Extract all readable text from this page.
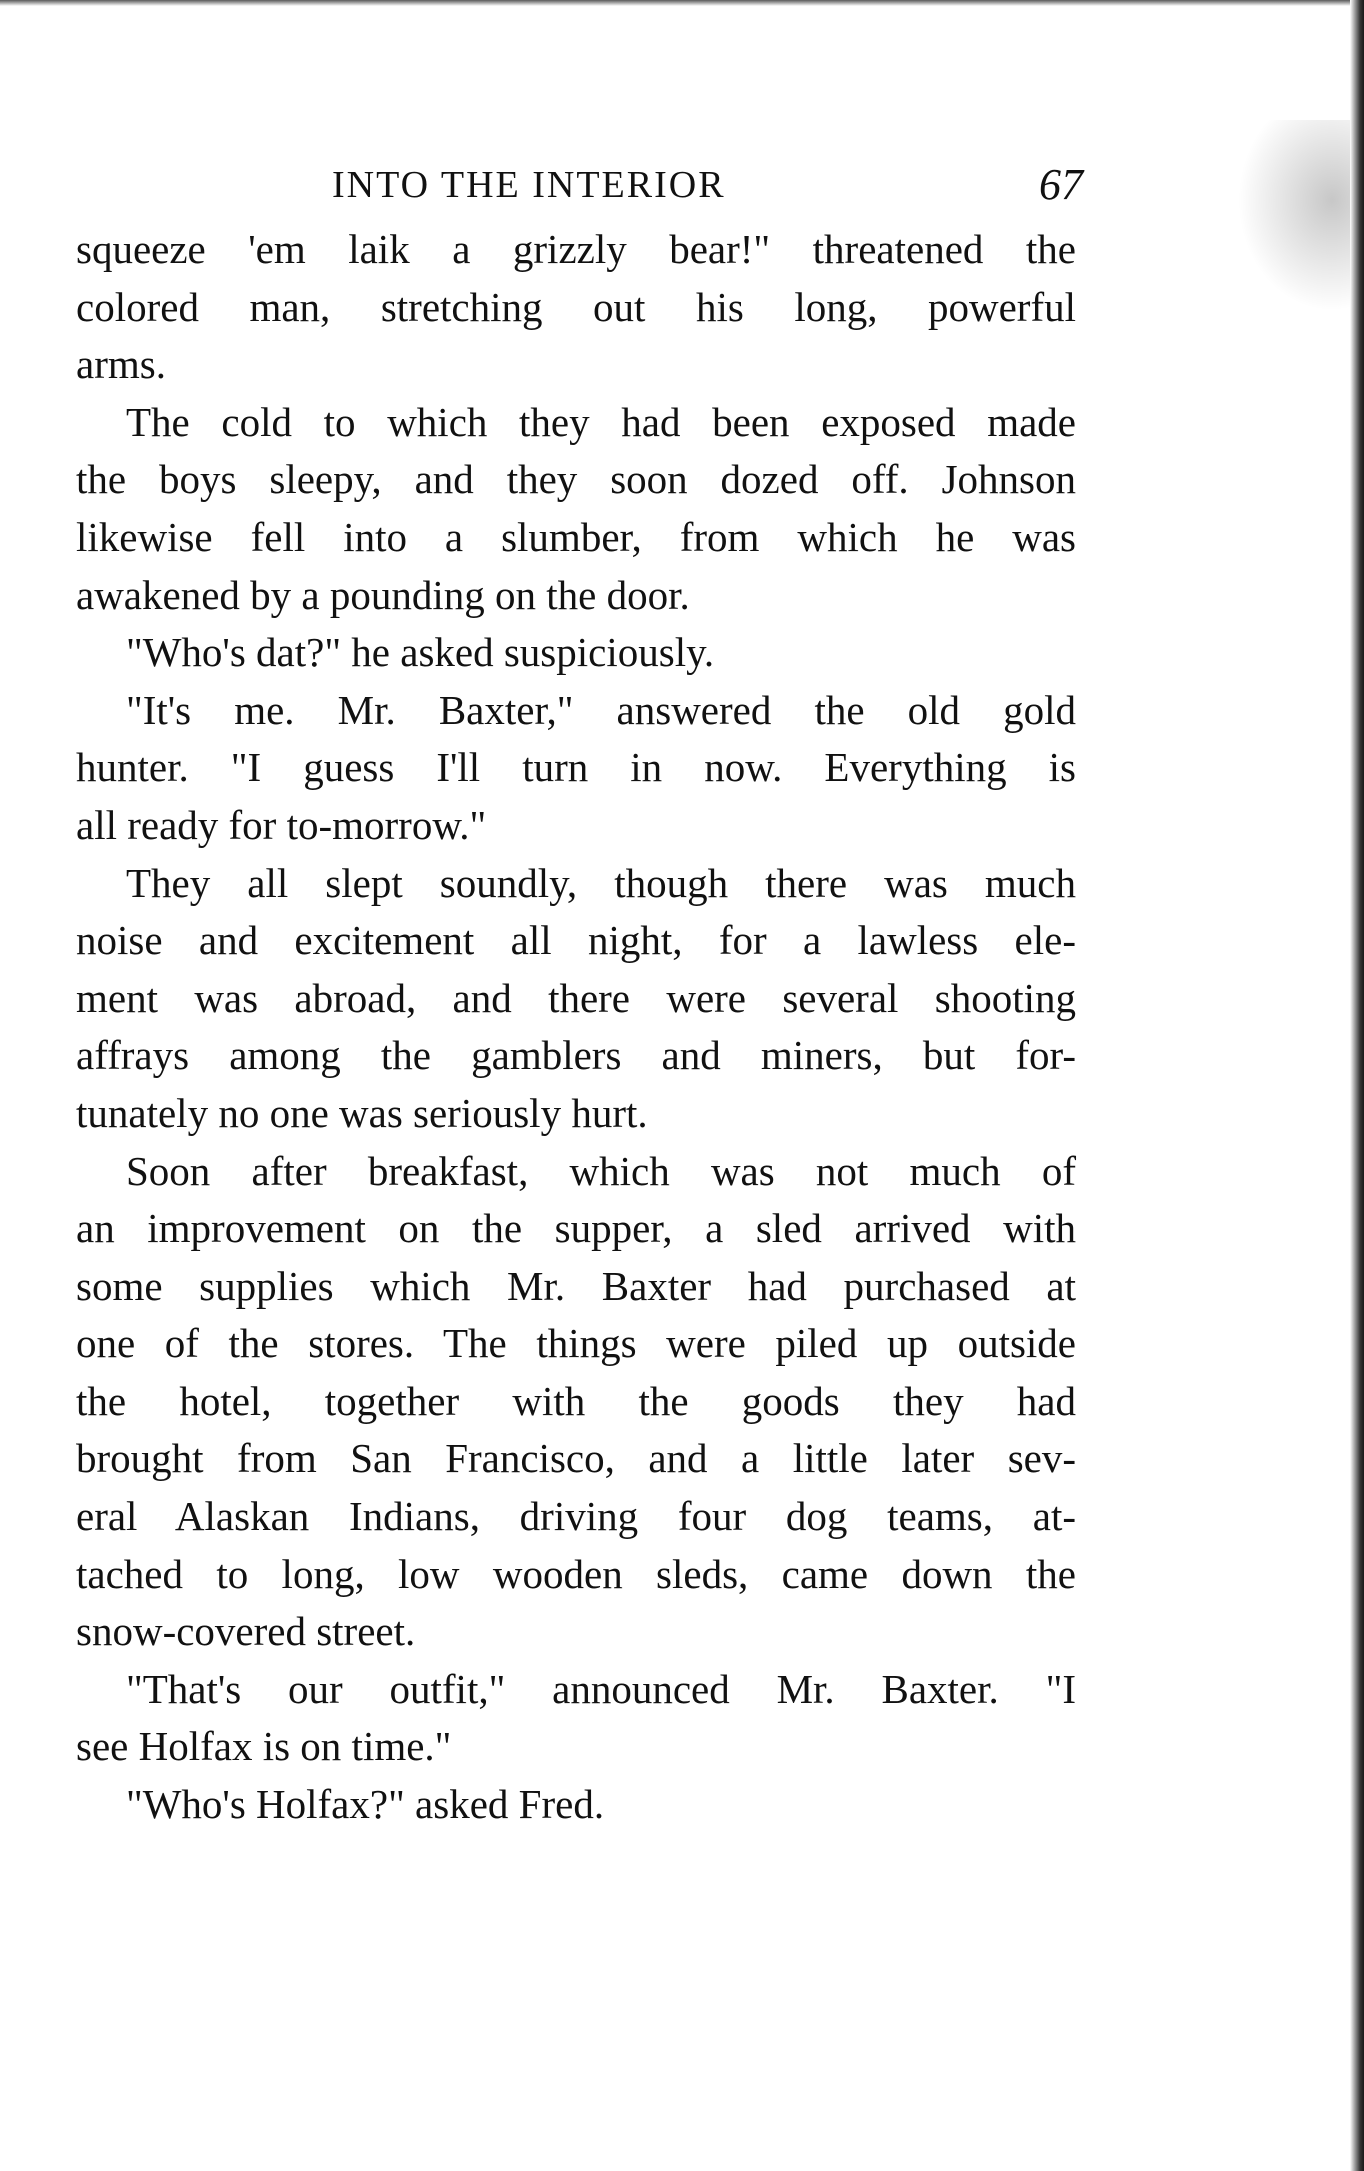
INTO THE INTERIOR	67
squeeze 'em laik a grizzly bear!" threatened the
colored man, stretching out his long, powerful
arms.
The cold to which they had been exposed made
the boys sleepy, and they soon dozed off. Johnson
likewise fell into a slumber, from which he was
awakened by a pounding on the door.
"Who's dat?" he asked suspiciously.
"It's me. Mr. Baxter," answered the old gold
hunter. "I guess I'll turn in now. Everything is
all ready for to-morrow."
They all slept soundly, though there was much
noise and excitement all night, for a lawless ele-
ment was abroad, and there were several shooting
affrays among the gamblers and miners, but for-
tunately no one was seriously hurt.
Soon after breakfast, which was not much of
an improvement on the supper, a sled arrived with
some supplies which Mr. Baxter had purchased at
one of the stores. The things were piled up outside
the hotel, together with the goods they had
brought from San Francisco, and a little later sev-
eral Alaskan Indians, driving four dog teams, at-
tached to long, low wooden sleds, came down the
snow-covered street.
"That's our outfit," announced Mr. Baxter. "I
see Holfax is on time."
"Who's Holfax?" asked Fred.
